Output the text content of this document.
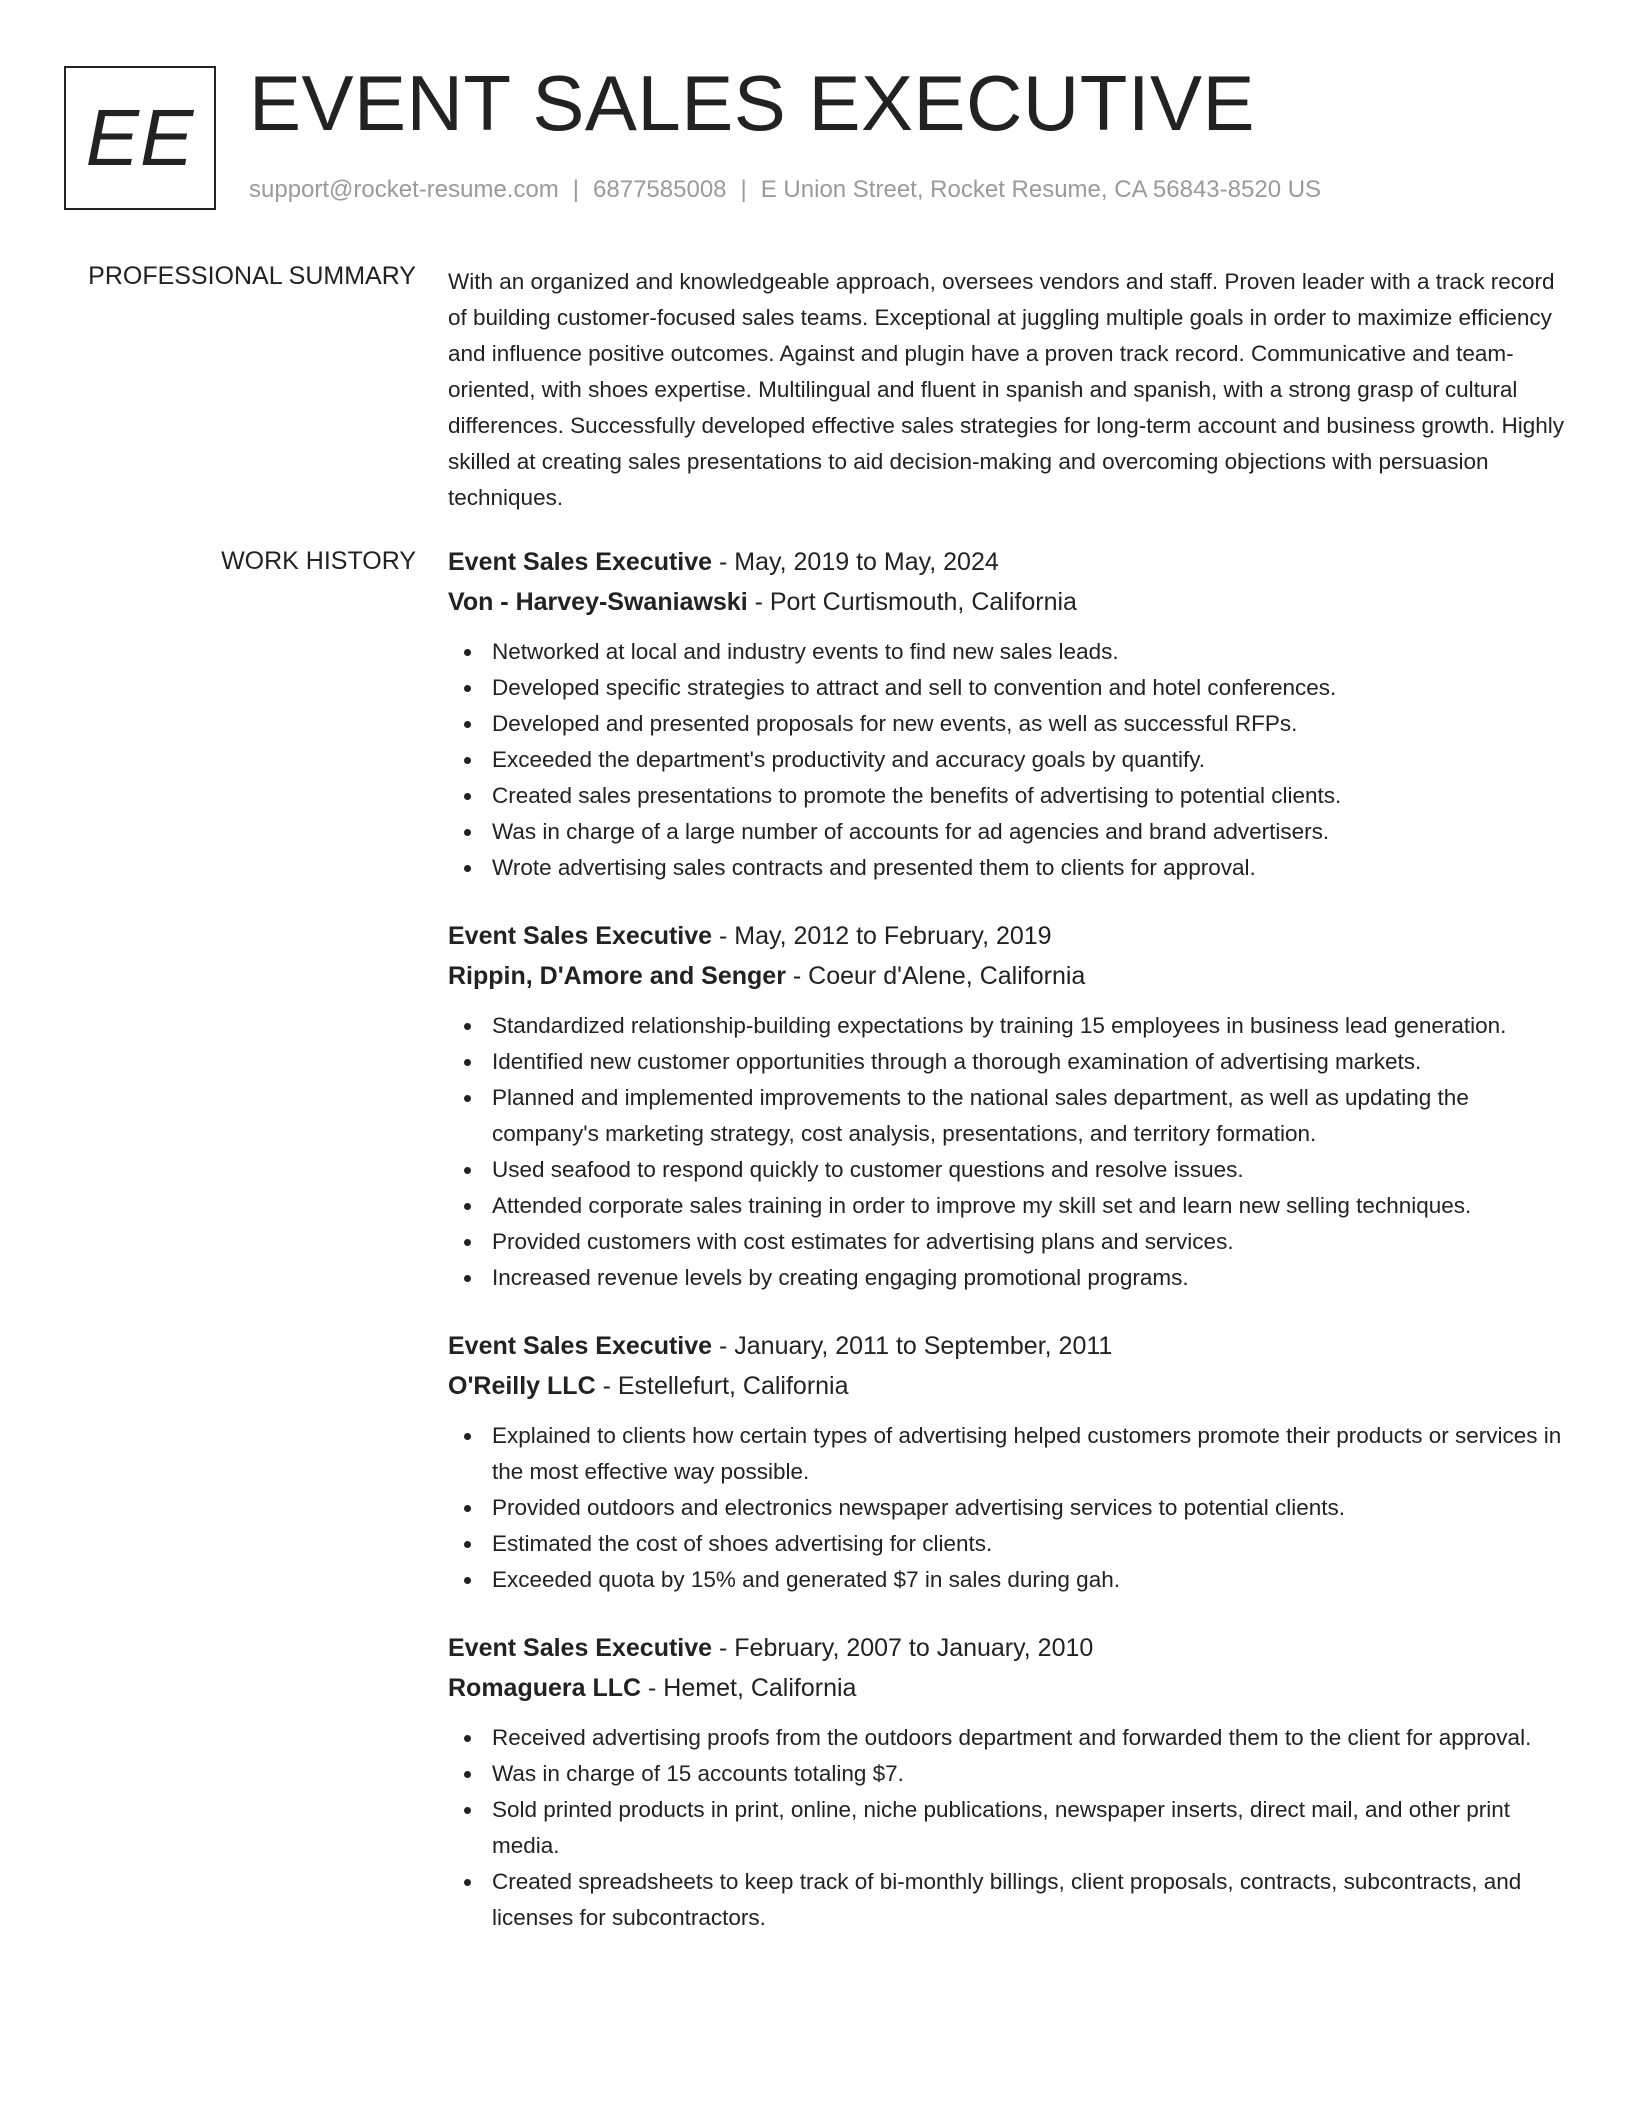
EE EVENT SALES EXECUTIVE
support@rocket-resume.com | 6877585008 | E Union Street, Rocket Resume, CA 56843-8520 US
PROFESSIONAL SUMMARY With an organized and knowledgeable approach, oversees vendors and staff. Proven leader with a track record of building customer-focused sales teams. Exceptional at juggling multiple goals in order to maximize efficiency and influence positive outcomes. Against and plugin have a proven track record. Communicative and team-oriented, with shoes expertise. Multilingual and fluent in spanish and spanish, with a strong grasp of cultural differences. Successfully developed effective sales strategies for long-term account and business growth. Highly skilled at creating sales presentations to aid decision-making and overcoming objections with persuasion techniques.

WORK HISTORY Event Sales Executive - May, 2019 to May, 2024
Von - Harvey-Swaniawski - Port Curtismouth, California
Networked at local and industry events to find new sales leads.
Developed specific strategies to attract and sell to convention and hotel conferences.
Developed and presented proposals for new events, as well as successful RFPs.
Exceeded the department's productivity and accuracy goals by quantify.
Created sales presentations to promote the benefits of advertising to potential clients.
Was in charge of a large number of accounts for ad agencies and brand advertisers.
Wrote advertising sales contracts and presented them to clients for approval.
Event Sales Executive - May, 2012 to February, 2019
Rippin, D'Amore and Senger - Coeur d'Alene, California
Standardized relationship-building expectations by training 15 employees in business lead generation.
Identified new customer opportunities through a thorough examination of advertising markets.
Planned and implemented improvements to the national sales department, as well as updating the company's marketing strategy, cost analysis, presentations, and territory formation.
Used seafood to respond quickly to customer questions and resolve issues.
Attended corporate sales training in order to improve my skill set and learn new selling techniques.
Provided customers with cost estimates for advertising plans and services.
Increased revenue levels by creating engaging promotional programs.
Event Sales Executive - January, 2011 to September, 2011
O'Reilly LLC - Estellefurt, California
Explained to clients how certain types of advertising helped customers promote their products or services in the most effective way possible.
Provided outdoors and electronics newspaper advertising services to potential clients.
Estimated the cost of shoes advertising for clients.
Exceeded quota by 15% and generated $7 in sales during gah.
Event Sales Executive - February, 2007 to January, 2010
Romaguera LLC - Hemet, California
Received advertising proofs from the outdoors department and forwarded them to the client for approval.
Was in charge of 15 accounts totaling $7.
Sold printed products in print, online, niche publications, newspaper inserts, direct mail, and other print media.
Created spreadsheets to keep track of bi-monthly billings, client proposals, contracts, subcontracts, and licenses for subcontractors.
